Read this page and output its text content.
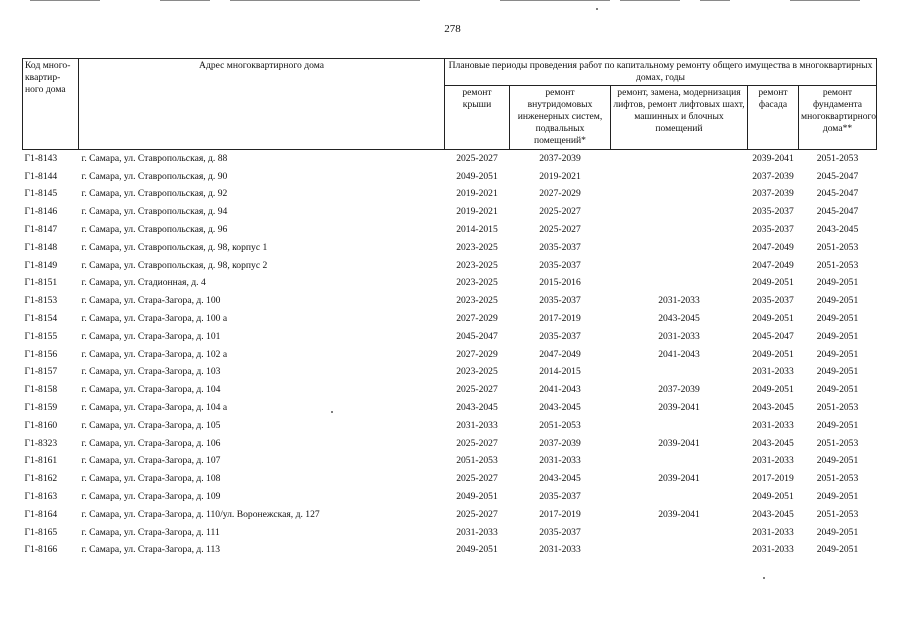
278
Код много-квартир-ного дома	Адрес многоквартирного дома	Плановые периоды проведения работ по капитальному ремонту общего имущества в многоквартирных домах, годы				
		ремонт крыши	ремонт внутридомовых инженерных систем, подвальных помещений*	ремонт, замена, модернизация лифтов, ремонт лифтовых шахт, машинных и блочных помещений	ремонт фасада	ремонт фундамента многоквартирного дома**
Г1-8143	г. Самара, ул. Ставропольская, д. 88	2025-2027	2037-2039		2039-2041	2051-2053
Г1-8144	г. Самара, ул. Ставропольская, д. 90	2049-2051	2019-2021		2037-2039	2045-2047
Г1-8145	г. Самара, ул. Ставропольская, д. 92	2019-2021	2027-2029		2037-2039	2045-2047
Г1-8146	г. Самара, ул. Ставропольская, д. 94	2019-2021	2025-2027		2035-2037	2045-2047
Г1-8147	г. Самара, ул. Ставропольская, д. 96	2014-2015	2025-2027		2035-2037	2043-2045
Г1-8148	г. Самара, ул. Ставропольская, д. 98, корпус 1	2023-2025	2035-2037		2047-2049	2051-2053
Г1-8149	г. Самара, ул. Ставропольская, д. 98, корпус 2	2023-2025	2035-2037		2047-2049	2051-2053
Г1-8151	г. Самара, ул. Стадионная, д. 4	2023-2025	2015-2016		2049-2051	2049-2051
Г1-8153	г. Самара, ул. Стара-Загора, д. 100	2023-2025	2035-2037	2031-2033	2035-2037	2049-2051
Г1-8154	г. Самара, ул. Стара-Загора, д. 100 а	2027-2029	2017-2019	2043-2045	2049-2051	2049-2051
Г1-8155	г. Самара, ул. Стара-Загора, д. 101	2045-2047	2035-2037	2031-2033	2045-2047	2049-2051
Г1-8156	г. Самара, ул. Стара-Загора, д. 102 а	2027-2029	2047-2049	2041-2043	2049-2051	2049-2051
Г1-8157	г. Самара, ул. Стара-Загора, д. 103	2023-2025	2014-2015		2031-2033	2049-2051
Г1-8158	г. Самара, ул. Стара-Загора, д. 104	2025-2027	2041-2043	2037-2039	2049-2051	2049-2051
Г1-8159	г. Самара, ул. Стара-Загора, д. 104 а	2043-2045	2043-2045	2039-2041	2043-2045	2051-2053
Г1-8160	г. Самара, ул. Стара-Загора, д. 105	2031-2033	2051-2053		2031-2033	2049-2051
Г1-8323	г. Самара, ул. Стара-Загора, д. 106	2025-2027	2037-2039	2039-2041	2043-2045	2051-2053
Г1-8161	г. Самара, ул. Стара-Загора, д. 107	2051-2053	2031-2033		2031-2033	2049-2051
Г1-8162	г. Самара, ул. Стара-Загора, д. 108	2025-2027	2043-2045	2039-2041	2017-2019	2051-2053
Г1-8163	г. Самара, ул. Стара-Загора, д. 109	2049-2051	2035-2037		2049-2051	2049-2051
Г1-8164	г. Самара, ул. Стара-Загора, д. 110/ул. Воронежская, д. 127	2025-2027	2017-2019	2039-2041	2043-2045	2051-2053
Г1-8165	г. Самара, ул. Стара-Загора, д. 111	2031-2033	2035-2037		2031-2033	2049-2051
Г1-8166	г. Самара, ул. Стара-Загора, д. 113	2049-2051	2031-2033		2031-2033	2049-2051
